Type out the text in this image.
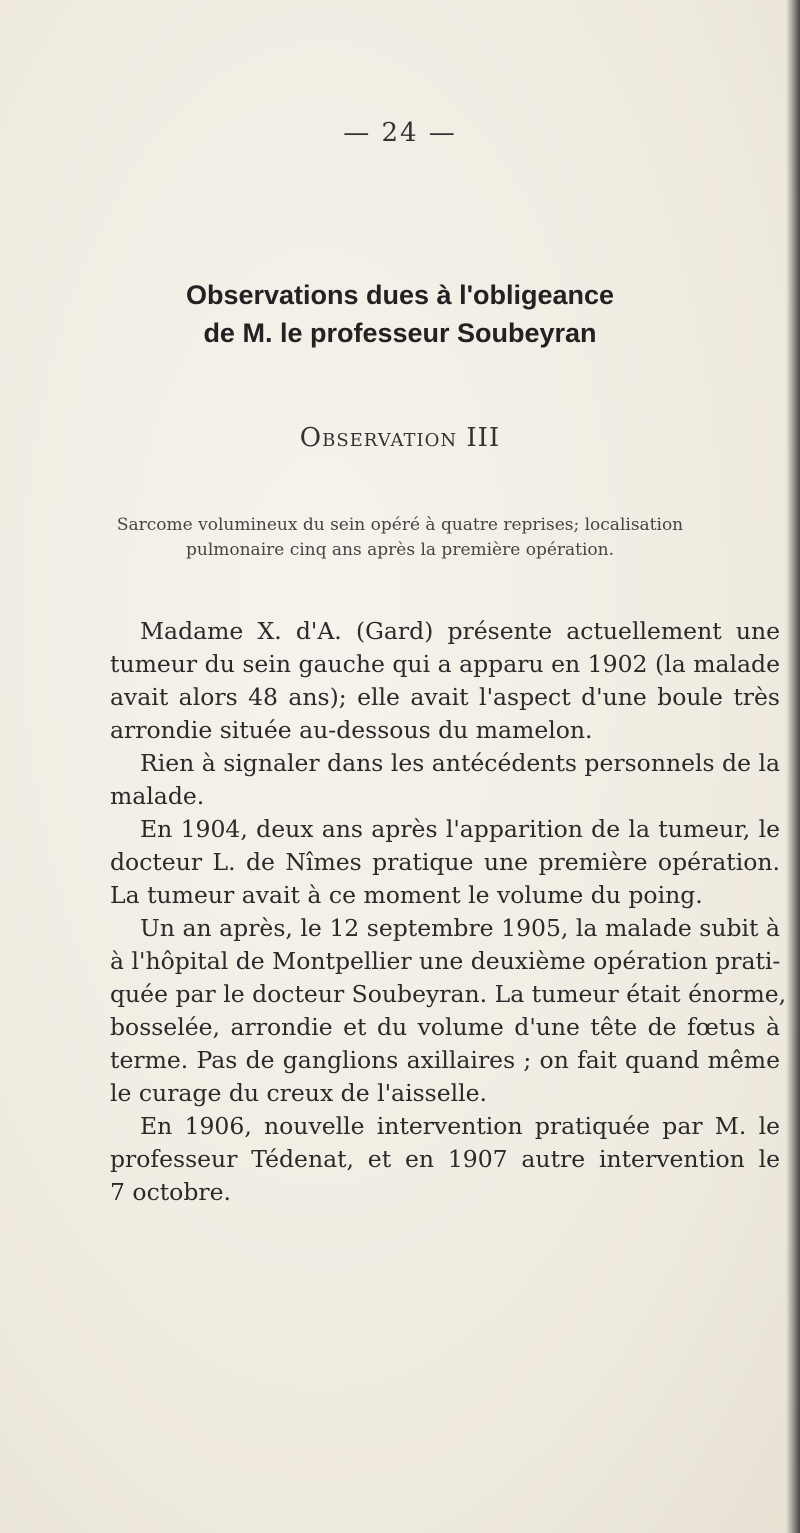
— 24 —
Observations dues à l'obligeance
de M. le professeur Soubeyran
Observation III
Sarcome volumineux du sein opéré à quatre reprises; localisation
pulmonaire cinq ans après la première opération.
Madame X. d'A. (Gard) présente actuellement une
tumeur du sein gauche qui a apparu en 1902 (la malade
avait alors 48 ans); elle avait l'aspect d'une boule très
arrondie située au-dessous du mamelon.
Rien à signaler dans les antécédents personnels de la
malade.
En 1904, deux ans après l'apparition de la tumeur, le
docteur L. de Nîmes pratique une première opération.
La tumeur avait à ce moment le volume du poing.
Un an après, le 12 septembre 1905, la malade subit à
à l'hôpital de Montpellier une deuxième opération prati-
quée par le docteur Soubeyran. La tumeur était énorme,
bosselée, arrondie et du volume d'une tête de fœtus à
terme. Pas de ganglions axillaires ; on fait quand même
le curage du creux de l'aisselle.
En 1906, nouvelle intervention pratiquée par M. le
professeur Tédenat, et en 1907 autre intervention le
7 octobre.
